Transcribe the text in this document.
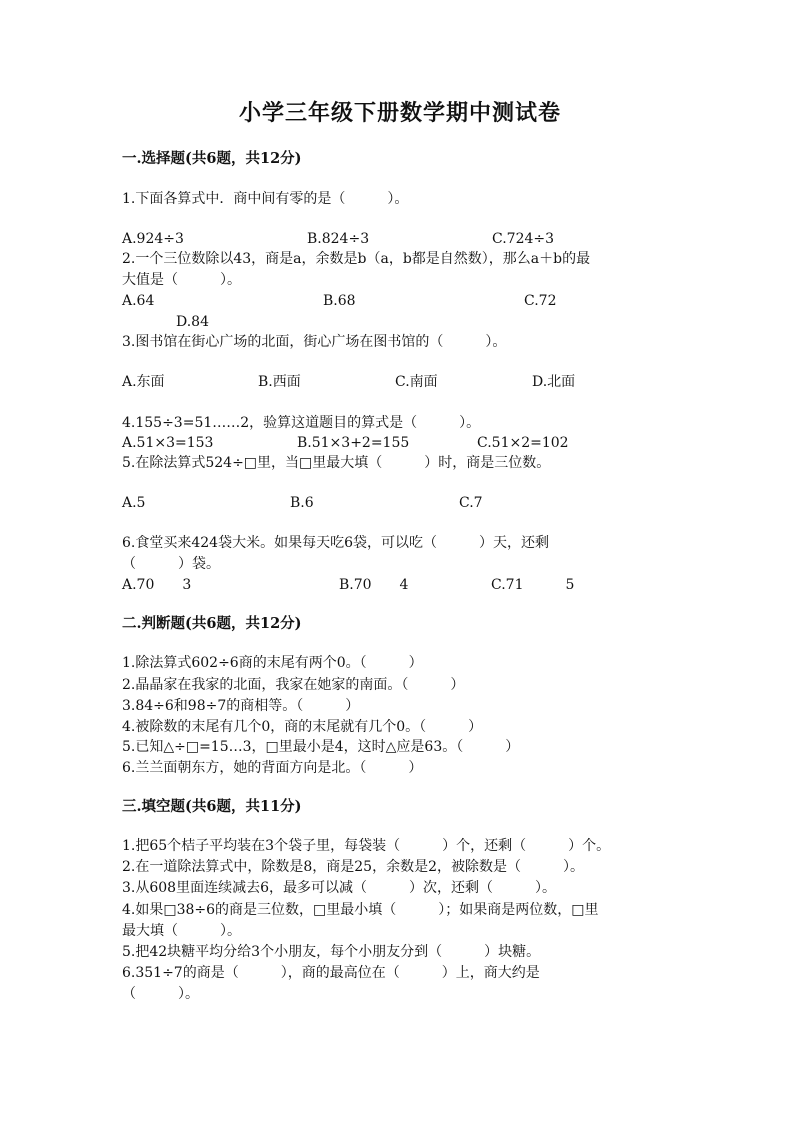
小学三年级下册数学期中测试卷
一.选择题(共6题，共12分)
1.下面各算式中．商中间有零的是（　　　）。
A.924÷3	B.824÷3	C.724÷3
2.一个三位数除以43，商是a，余数是b（a，b都是自然数），那么a＋b的最
大值是（　　　）。
A.64	B.68	C.72
D.84
3.图书馆在街心广场的北面，街心广场在图书馆的（　　　）。
A.东面	B.西面	C.南面	D.北面
4.155÷3=51……2，验算这道题目的算式是（　　　）。
A.51×3=153	B.51×3+2=155	C.51×2=102
5.在除法算式524÷□里，当□里最大填（　　　）时，商是三位数。
A.5	B.6	C.7
6.食堂买来424袋大米。如果每天吃6袋，可以吃（　　　）天，还剩
（　　　）袋。
A.70　　3	B.70　　4	C.71　　　5
二.判断题(共6题，共12分)
1.除法算式602÷6商的末尾有两个0。（　　　）
2.晶晶家在我家的北面，我家在她家的南面。（　　　）
3.84÷6和98÷7的商相等。（　　　）
4.被除数的末尾有几个0，商的末尾就有几个0。（　　　）
5.已知△÷□=15…3，□里最小是4，这时△应是63。（　　　）
6.兰兰面朝东方，她的背面方向是北。（　　　）
三.填空题(共6题，共11分)
1.把65个桔子平均装在3个袋子里，每袋装（　　　）个，还剩（　　　）个。
2.在一道除法算式中，除数是8，商是25，余数是2，被除数是（　　　）。
3.从608里面连续减去6，最多可以减（　　　）次，还剩（　　　）。
4.如果□38÷6的商是三位数，□里最小填（　　　）；如果商是两位数，□里
最大填（　　　）。
5.把42块糖平均分给3个小朋友，每个小朋友分到（　　　）块糖。
6.351÷7的商是（　　　），商的最高位在（　　　）上，商大约是
（　　　）。
